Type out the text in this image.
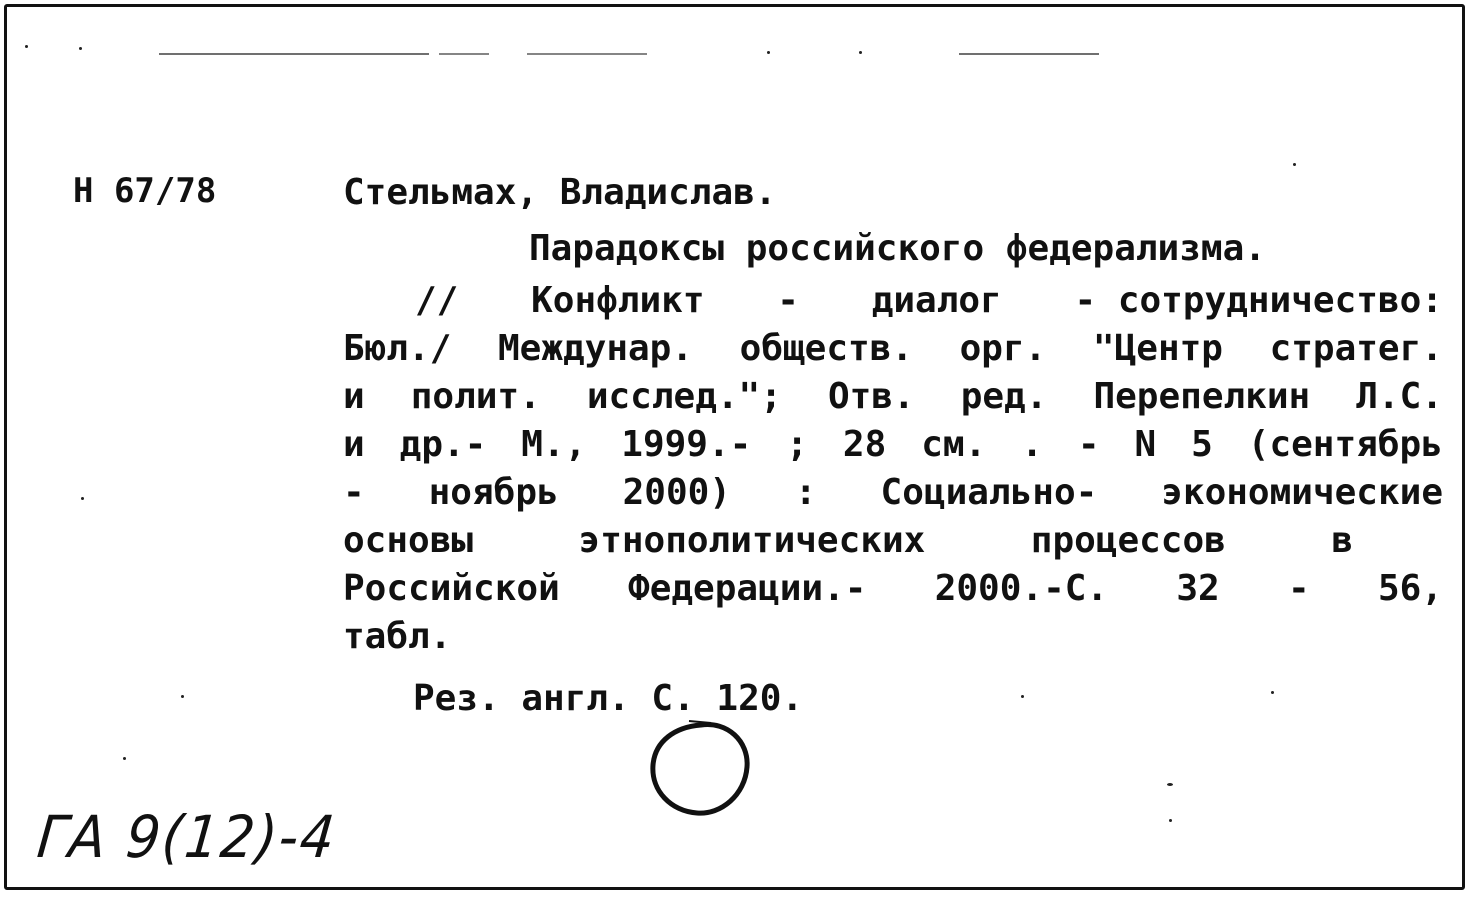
Н 67/78	Стельмах, Владислав.
Парадоксы российского федерализма.
// Конфликт - диалог - сотрудничество:
Бюл./ Междунар. обществ. орг. "Центр стратег.
и полит. исслед."; Отв. ред. Перепелкин Л.С.
и др.- М., 1999.- ; 28 см. . - N 5 (сентябрь
- ноябрь 2000) : Социально- экономические
основы	этнополитических	процессов	в
Российской Федерации.- 2000.-С. 32 - 56,
табл.
Рез. англ. С. 120.
ГА 9(12)-4
